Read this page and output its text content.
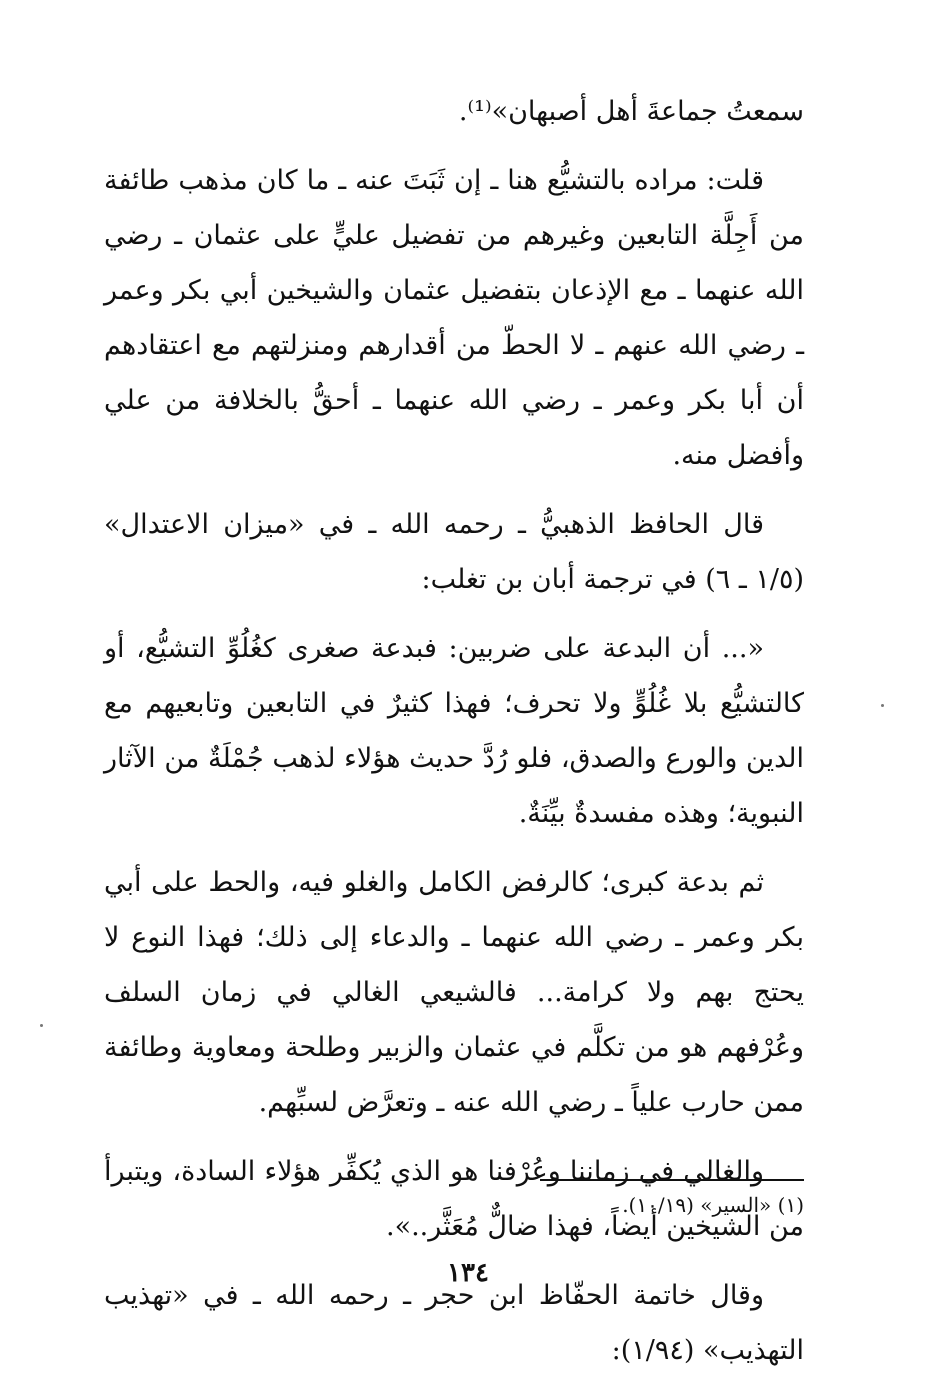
سمعتُ جماعةَ أهل أصبهان»⁽¹⁾.

قلت: مراده بالتشيُّع هنا ـ إن ثَبَتَ عنه ـ ما كان مذهب طائفة من أَجِلَّة التابعين وغيرهم من تفضيل عليٍّ على عثمان ـ رضي الله عنهما ـ مع الإذعان بتفضيل عثمان والشيخين أبي بكر وعمر ـ رضي الله عنهم ـ لا الحطّ من أقدارهم ومنزلتهم مع اعتقادهم أن أبا بكر وعمر ـ رضي الله عنهما ـ أحقُّ بالخلافة من علي وأفضل منه.

قال الحافظ الذهبيُّ ـ رحمه الله ـ في «ميزان الاعتدال» (١/٥ ـ ٦) في ترجمة أبان بن تغلب:

«... أن البدعة على ضربين: فبدعة صغرى كغُلُوِّ التشيُّع، أو كالتشيُّع بلا غُلُوٍّ ولا تحرف؛ فهذا كثيرٌ في التابعين وتابعيهم مع الدين والورع والصدق، فلو رُدَّ حديث هؤلاء لذهب جُمْلَةٌ من الآثار النبوية؛ وهذه مفسدةٌ بيِّنَةٌ.

ثم بدعة كبرى؛ كالرفض الكامل والغلو فيه، والحط على أبي بكر وعمر ـ رضي الله عنهما ـ والدعاء إلى ذلك؛ فهذا النوع لا يحتج بهم ولا كرامة... فالشيعي الغالي في زمان السلف وعُرْفهم هو من تكلَّم في عثمان والزبير وطلحة ومعاوية وطائفة ممن حارب علياً ـ رضي الله عنه ـ وتعرَّض لسبِّهم.

والغالي في زماننا وعُرْفنا هو الذي يُكفِّر هؤلاء السادة، ويتبرأ من الشيخين أيضاً، فهذا ضالٌّ مُعَثَّر..».

وقال خاتمة الحفّاظ ابن حجر ـ رحمه الله ـ في «تهذيب التهذيب» (١/٩٤):

(١) «السير» (١٠/١٩).
١٣٤
